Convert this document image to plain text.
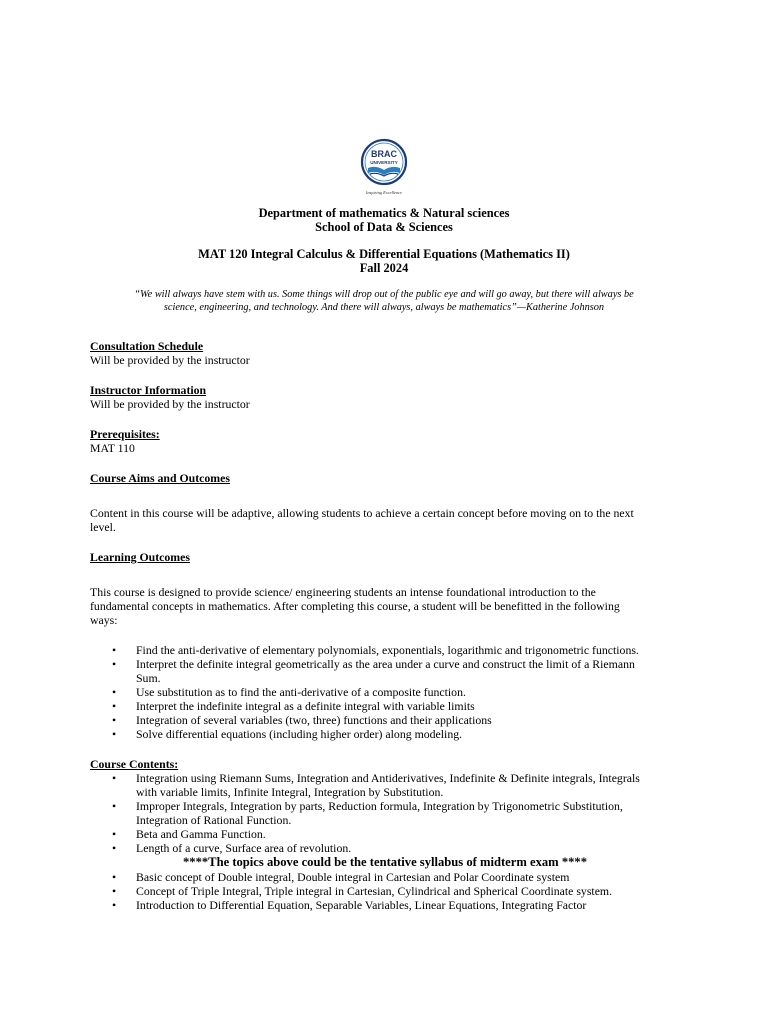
BRAC
UNIVERSITY
Inspiring Excellence
Department of mathematics & Natural sciences
School of Data & Sciences
MAT 120 Integral Calculus & Differential Equations (Mathematics II)
Fall 2024
“We will always have stem with us. Some things will drop out of the public eye and will go away, but there will always be
science, engineering, and technology. And there will always, always be mathematics”—Katherine Johnson
Consultation Schedule
Will be provided by the instructor
Instructor Information
Will be provided by the instructor
Prerequisites:
MAT 110
Course Aims and Outcomes
Content in this course will be adaptive, allowing students to achieve a certain concept before moving on to the next
level.
Learning Outcomes
This course is designed to provide science/ engineering students an intense foundational introduction to the
fundamental concepts in mathematics. After completing this course, a student will be benefitted in the following
ways:
• Find the anti-derivative of elementary polynomials, exponentials, logarithmic and trigonometric functions.
• Interpret the definite integral geometrically as the area under a curve and construct the limit of a Riemann
Sum.
• Use substitution as to find the anti-derivative of a composite function.
• Interpret the indefinite integral as a definite integral with variable limits
• Integration of several variables (two, three) functions and their applications
• Solve differential equations (including higher order) along modeling.
Course Contents:
• Integration using Riemann Sums, Integration and Antiderivatives, Indefinite & Definite integrals, Integrals
with variable limits, Infinite Integral, Integration by Substitution.
• Improper Integrals, Integration by parts, Reduction formula, Integration by Trigonometric Substitution,
Integration of Rational Function.
• Beta and Gamma Function.
• Length of a curve, Surface area of revolution.
****The topics above could be the tentative syllabus of midterm exam ****
• Basic concept of Double integral, Double integral in Cartesian and Polar Coordinate system
• Concept of Triple Integral, Triple integral in Cartesian, Cylindrical and Spherical Coordinate system.
• Introduction to Differential Equation, Separable Variables, Linear Equations, Integrating Factor
